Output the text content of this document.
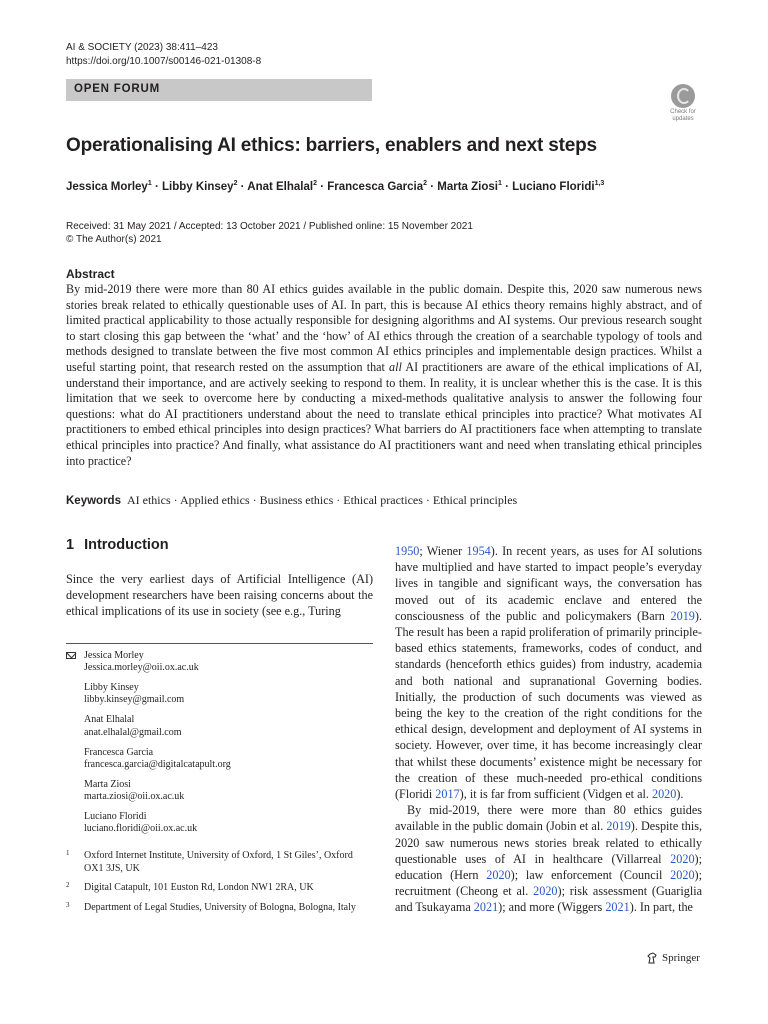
AI & SOCIETY (2023) 38:411–423
https://doi.org/10.1007/s00146-021-01308-8
OPEN FORUM
Check for
updates
Operationalising AI ethics: barriers, enablers and next steps
Jessica Morley$^1$ · Libby Kinsey$^2$ · Anat Elhalal$^2$ · Francesca Garcia$^2$ · Marta Ziosi$^1$ · Luciano Floridi$^{1,3}$
Received: 31 May 2021 / Accepted: 13 October 2021 / Published online: 15 November 2021
© The Author(s) 2021
Abstract
By mid-2019 there were more than 80 AI ethics guides available in the public domain. Despite this, 2020 saw numerous news stories break related to ethically questionable uses of AI. In part, this is because AI ethics theory remains highly abstract, and of limited practical applicability to those actually responsible for designing algorithms and AI systems. Our previous research sought to start closing this gap between the ‘what’ and the ‘how’ of AI ethics through the creation of a searchable typology of tools and methods designed to translate between the five most common AI ethics principles and implementable design practices. Whilst a useful starting point, that research rested on the assumption that all AI practitioners are aware of the ethical implications of AI, understand their importance, and are actively seeking to respond to them. In reality, it is unclear whether this is the case. It is this limitation that we seek to overcome here by conducting a mixed-methods qualitative analysis to answer the following four questions: what do AI practitioners understand about the need to translate ethical principles into practice? What motivates AI practitioners to embed ethical principles into design practices? What barriers do AI practitioners face when attempting to translate ethical principles into practice? And finally, what assistance do AI practitioners want and need when translating ethical principles into practice?
Keywords AI ethics · Applied ethics · Business ethics · Ethical practices · Ethical principles
1 Introduction
Since the very earliest days of Artificial Intelligence (AI) development researchers have been raising concerns about the ethical implications of its use in society (see e.g., Turing
Jessica Morley
Jessica.morley@oii.ox.ac.uk
Libby Kinsey
libby.kinsey@gmail.com
Anat Elhalal
anat.elhalal@gmail.com
Francesca Garcia
francesca.garcia@digitalcatapult.org
Marta Ziosi
marta.ziosi@oii.ox.ac.uk
Luciano Floridi
luciano.floridi@oii.ox.ac.uk
1 Oxford Internet Institute, University of Oxford, 1 St Giles’, Oxford OX1 3JS, UK
2 Digital Catapult, 101 Euston Rd, London NW1 2RA, UK
3 Department of Legal Studies, University of Bologna, Bologna, Italy

1950; Wiener 1954). In recent years, as uses for AI solutions have multiplied and have started to impact people’s everyday lives in tangible and significant ways, the conversation has moved out of its academic enclave and entered the consciousness of the public and policymakers (Barn 2019). The result has been a rapid proliferation of primarily principle-based ethics statements, frameworks, codes of conduct, and standards (henceforth ethics guides) from industry, academia and both national and supranational Governing bodies. Initially, the production of such documents was viewed as being the key to the creation of the right conditions for the ethical design, development and deployment of AI systems in society. However, over time, it has become increasingly clear that whilst these documents’ existence might be necessary for the creation of these much-needed pro-ethical conditions (Floridi 2017), it is far from sufficient (Vidgen et al. 2020).

By mid-2019, there were more than 80 ethics guides available in the public domain (Jobin et al. 2019). Despite this, 2020 saw numerous news stories break related to ethically questionable uses of AI in healthcare (Villarreal 2020); education (Hern 2020); law enforcement (Council 2020); recruitment (Cheong et al. 2020); risk assessment (Guariglia and Tsukayama 2021); and more (Wiggers 2021). In part, the

Springer
